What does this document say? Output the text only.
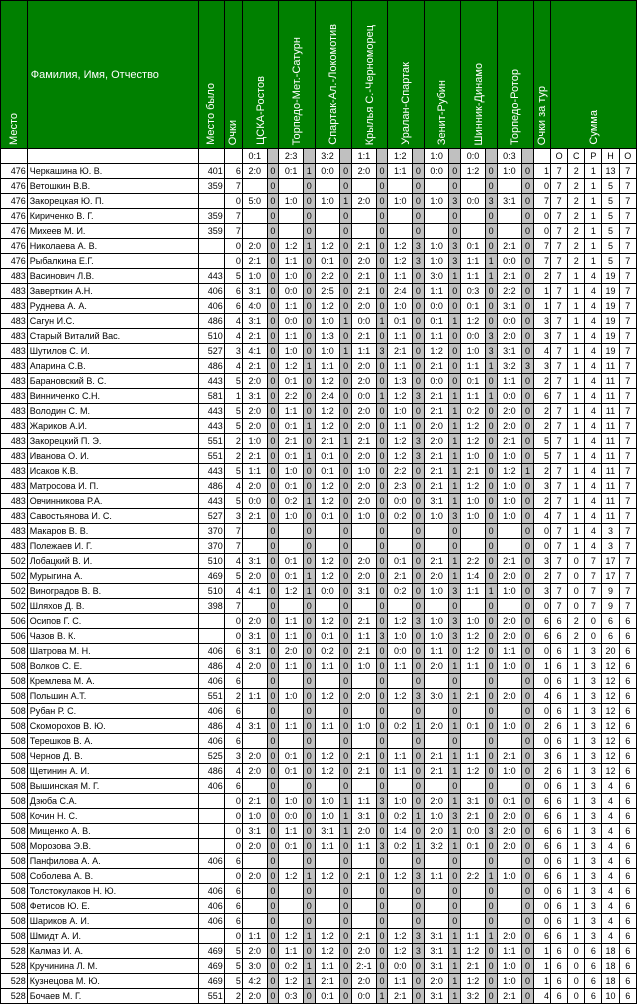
Место	Фамилия, Имя, Отчество	Место было	Очки	ЦСКА-Ростов		Торпедо-Мет.-Сатурн		Спартак-Ал.-Локомотив		Крылья С.-Черноморец		Уралан-Спартак		Зенит-Рубин		Шинник-Динамо		Торпедо-Ротор		Очки за тур	Сумма				

				0:1		2:3		3:2		1:1		1:2		1:0		0:0		0:3			О	С	Р	Н	О
476	Черкашина Ю. В.	401	6	2:0	0	0:1	1	0:0	0	2:0	0	1:1	0	0:0	0	1:2	0	1:0	0	1	7	2	1	13	7
476	Ветошкин В.В.	359	7		0		0		0		0		0		0		0		0	0	7	2	1	5	7
476	Закорецкая Ю. П.		0	5:0	0	1:0	0	1:0	1	2:0	0	1:0	0	1:0	3	0:0	3	3:1	0	7	7	2	1	5	7
476	Кириченко В. Г.	359	7		0		0		0		0		0		0		0		0	0	7	2	1	5	7
476	Михеев М. И.	359	7		0		0		0		0		0		0		0		0	0	7	2	1	5	7
476	Николаева А. В.		0	2:0	0	1:2	1	1:2	0	2:1	0	1:2	3	1:0	3	0:1	0	2:1	0	7	7	2	1	5	7
476	Рыбалкина Е.Г.		0	2:1	0	1:1	0	0:1	0	2:0	0	1:2	3	1:0	3	1:1	1	0:0	0	7	7	2	1	5	7
483	Васинович Л.В.	443	5	1:0	0	1:0	0	2:2	0	2:1	0	1:1	0	3:0	1	1:1	1	2:1	0	2	7	1	4	19	7
483	Заверткин А.Н.	406	6	3:1	0	0:0	0	2:5	0	2:1	0	2:4	0	1:1	0	0:3	0	2:2	0	1	7	1	4	19	7
483	Руднева А. А.	406	6	4:0	0	1:1	0	1:2	0	2:0	0	1:0	0	0:0	0	0:1	0	3:1	0	1	7	1	4	19	7
483	Сагун И.С.	486	4	3:1	0	0:0	0	1:0	1	0:0	1	0:1	0	0:1	1	1:2	0	0:0	0	3	7	1	4	19	7
483	Старый Виталий Вас.	510	4	2:1	0	1:1	0	1:3	0	2:1	0	1:1	0	1:1	0	0:0	3	2:0	0	3	7	1	4	19	7
483	Шутилов С. И.	527	3	4:1	0	1:0	0	1:0	1	1:1	3	2:1	0	1:2	0	1:0	3	3:1	0	4	7	1	4	19	7
483	Апарина С.В.	486	4	2:1	0	1:2	1	1:1	0	2:0	0	1:1	0	2:1	0	1:1	1	3:2	3	3	7	1	4	11	7
483	Барановский В. С.	443	5	2:0	0	0:1	0	1:2	0	2:0	0	1:3	0	0:0	0	0:1	0	1:1	0	2	7	1	4	11	7
483	Винниченко С.Н.	581	1	3:1	0	2:2	0	2:4	0	0:0	1	1:2	3	2:1	1	1:1	1	0:0	0	6	7	1	4	11	7
483	Володин С. М.	443	5	2:0	0	1:1	0	1:2	0	2:0	0	1:0	0	2:1	1	0:2	0	2:0	0	2	7	1	4	11	7
483	Жариков А.И.	443	5	2:0	0	0:1	1	1:2	0	2:0	0	1:1	0	2:0	1	1:2	0	2:0	0	2	7	1	4	11	7
483	Закорецкий П. Э.	551	2	1:0	0	2:1	0	2:1	1	2:1	0	1:2	3	2:0	1	1:2	0	2:1	0	5	7	1	4	11	7
483	Иванова О. И.	551	2	2:1	0	0:1	1	0:1	0	2:0	0	1:2	3	2:1	1	1:0	0	1:0	0	5	7	1	4	11	7
483	Исаков К.В.	443	5	1:1	0	1:0	0	0:1	0	1:0	0	2:2	0	2:1	1	2:1	0	1:2	1	2	7	1	4	11	7
483	Матросова И. П.	486	4	2:0	0	0:1	0	1:2	0	2:0	0	2:3	0	2:1	1	1:2	0	1:0	0	3	7	1	4	11	7
483	Овчинникова Р.А.	443	5	0:0	0	0:2	1	1:2	0	2:0	0	0:0	0	3:1	1	1:0	0	1:0	0	2	7	1	4	11	7
483	Савостьянова И. С.	527	3	2:1	0	1:0	0	0:1	0	1:0	0	0:2	0	1:0	3	1:0	0	1:0	0	4	7	1	4	11	7
483	Макаров В. В.	370	7		0		0		0		0		0		0		0		0	0	7	1	4	3	7
483	Полежаев И. Г.	370	7		0		0		0		0		0		0		0		0	0	7	1	4	3	7
502	Лобацкий В. И.	510	4	3:1	0	0:1	0	1:2	0	2:0	0	0:1	0	2:1	1	2:2	0	2:1	0	3	7	0	7	17	7
502	Мурыгина А.	469	5	2:0	0	0:1	1	1:2	0	2:0	0	2:1	0	2:0	1	1:4	0	2:0	0	2	7	0	7	17	7
502	Виноградов В. В.	510	4	4:1	0	1:2	1	0:0	0	3:1	0	0:2	0	1:0	3	1:1	1	1:0	0	3	7	0	7	9	7
502	Шляхов Д. В.	398	7		0		0		0		0		0		0		0		0	0	7	0	7	9	7
506	Осипов Г. С.		0	2:0	0	1:1	0	1:2	0	2:1	0	1:2	3	1:0	3	1:0	0	2:0	0	6	6	2	0	6	6
506	Чазов В. К.		0	3:1	0	1:1	0	0:1	0	1:1	3	1:0	0	1:0	3	1:2	0	2:0	0	6	6	2	0	6	6
508	Шатрова М. Н.	406	6	3:1	0	2:0	0	0:2	0	2:1	0	0:0	0	1:1	0	1:2	0	1:1	0	0	6	1	3	20	6
508	Волков С. Е.	486	4	2:0	0	1:1	0	1:1	0	1:0	0	1:1	0	2:0	1	1:1	0	1:0	0	1	6	1	3	12	6
508	Кремлева М. А.	406	6		0		0		0		0		0		0		0		0	0	6	1	3	12	6
508	Польшин А.Т.	551	2	1:1	0	1:0	0	1:2	0	2:0	0	1:2	3	3:0	1	2:1	0	2:0	0	4	6	1	3	12	6
508	Рубан Р. С.	406	6		0		0		0		0		0		0		0		0	0	6	1	3	12	6
508	Скоморохов В. Ю.	486	4	3:1	0	1:1	0	1:1	0	1:0	0	0:2	1	2:0	1	0:1	0	1:0	0	2	6	1	3	12	6
508	Терешков В. А.	406	6		0		0		0		0		0		0		0		0	0	6	1	3	12	6
508	Чернов Д. В.	525	3	2:0	0	0:1	0	1:2	0	2:1	0	1:1	0	2:1	1	1:1	0	2:1	0	3	6	1	3	12	6
508	Щетинин А. И.	486	4	2:0	0	0:1	0	1:2	0	2:1	0	1:1	0	2:1	1	1:2	0	1:0	0	2	6	1	3	12	6
508	Вышинская М. Г.	406	6		0		0		0		0		0		0		0		0	0	6	1	3	4	6
508	Дзюба С.А.		0	2:1	0	1:0	0	1:0	1	1:1	3	1:0	0	2:0	1	3:1	0	0:1	0	6	6	1	3	4	6
508	Кочин Н. С.		0	1:0	0	0:0	0	1:0	1	3:1	0	0:2	1	1:0	3	2:1	0	2:0	0	6	6	1	3	4	6
508	Мищенко А. В.		0	3:1	0	1:1	0	3:1	1	2:0	0	1:4	0	2:0	1	0:0	3	2:0	0	6	6	1	3	4	6
508	Морозова Э.В.		0	2:0	0	0:1	0	1:1	0	1:1	3	0:2	1	3:2	1	0:1	0	2:0	0	6	6	1	3	4	6
508	Панфилова А. А.	406	6		0		0		0		0		0		0		0		0	0	6	1	3	4	6
508	Соболева А. В.		0	2:0	0	1:2	1	1:2	0	2:1	0	1:2	3	1:1	0	2:2	1	1:0	0	6	6	1	3	4	6
508	Толстокулаков Н. Ю.	406	6		0		0		0		0		0		0		0		0	0	6	1	3	4	6
508	Фетисов Ю. Е.	406	6		0		0		0		0		0		0		0		0	0	6	1	3	4	6
508	Шариков А. И.	406	6		0		0		0		0		0		0		0		0	0	6	1	3	4	6
508	Шмидт А. И.		0	1:1	0	1:2	1	1:2	0	2:1	0	1:2	3	3:1	1	1:1	1	2:0	0	6	6	1	3	4	6
528	Калмаз И. А.	469	5	2:0	0	1:1	0	1:2	0	2:0	0	1:2	3	3:1	1	1:2	0	1:1	0	1	6	0	6	18	6
528	Кручинина Л. М.	469	5	3:0	0	0:2	1	1:1	0	2:-1	0	0:0	0	3:1	1	2:1	0	1:0	0	1	6	0	6	18	6
528	Кузнецова М. Ю.	469	5	4:2	0	1:2	1	2:1	0	2:0	0	1:1	0	2:0	1	1:2	0	1:0	0	1	6	0	6	18	6
528	Бочаев М. Г.	551	2	2:0	0	0:3	0	0:1	0	0:0	1	2:1	0	3:1	1	3:2	0	2:1	0	4	6	0	6	10	6
